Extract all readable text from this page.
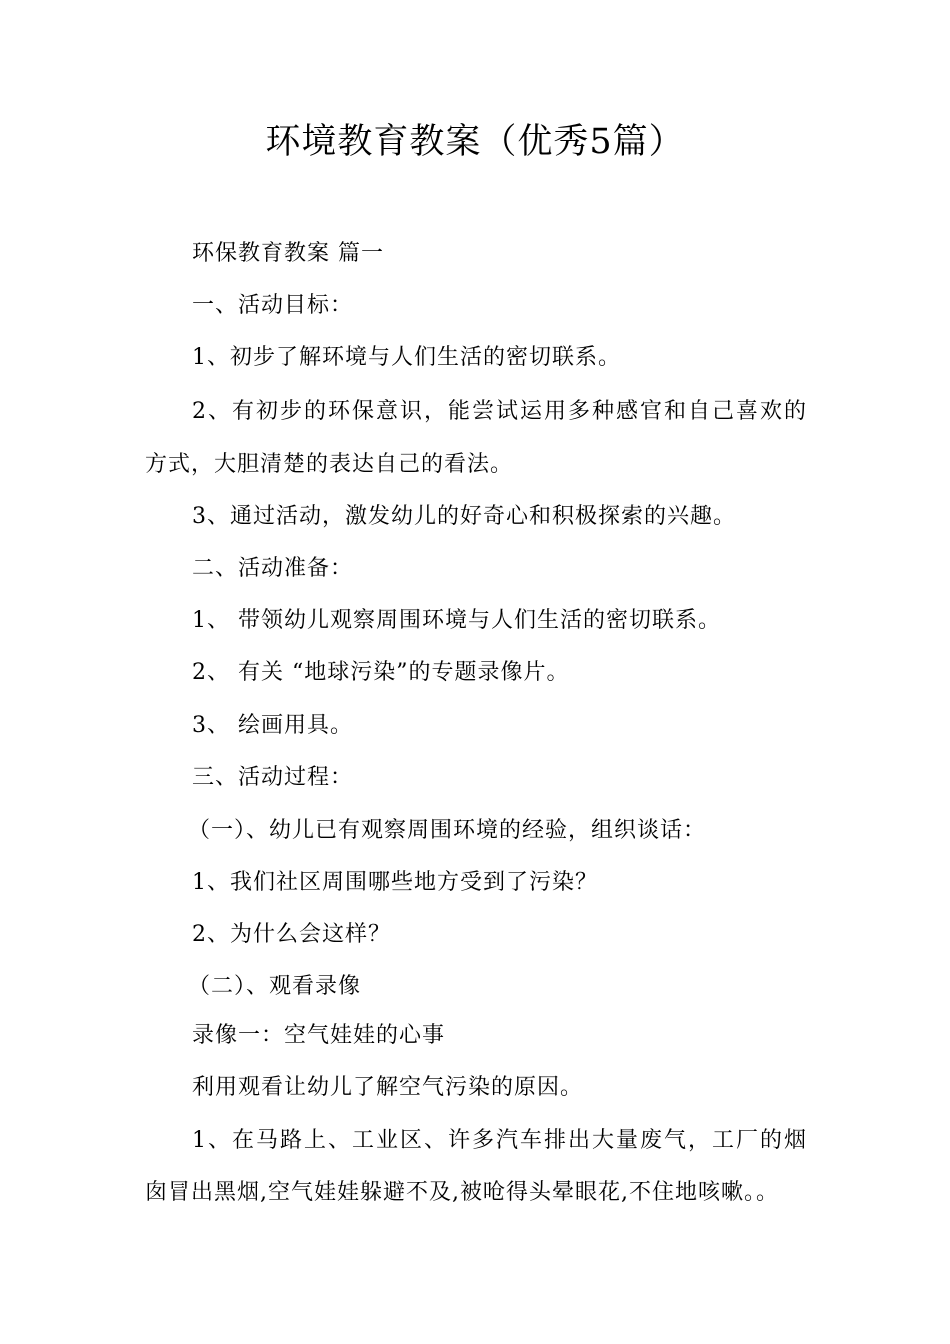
环境教育教案（优秀5篇）
环保教育教案 篇一
一、活动目标：
1、初步了解环境与人们生活的密切联系。
2、有初步的环保意识，能尝试运用多种感官和自己喜欢的
方式，大胆清楚的表达自己的看法。
3、通过活动，激发幼儿的好奇心和积极探索的兴趣。
二、活动准备：
1、 带领幼儿观察周围环境与人们生活的密切联系。
2、 有关 “地球污染”的专题录像片。
3、 绘画用具。
三、活动过程：
（一）、幼儿已有观察周围环境的经验，组织谈话：
1、我们社区周围哪些地方受到了污染？
2、为什么会这样？
（二）、观看录像
录像一：空气娃娃的心事
利用观看让幼儿了解空气污染的原因。
1、在马路上、工业区、许多汽车排出大量废气，工厂的烟
囱冒出黑烟,空气娃娃躲避不及,被呛得头晕眼花,不住地咳嗽。。
